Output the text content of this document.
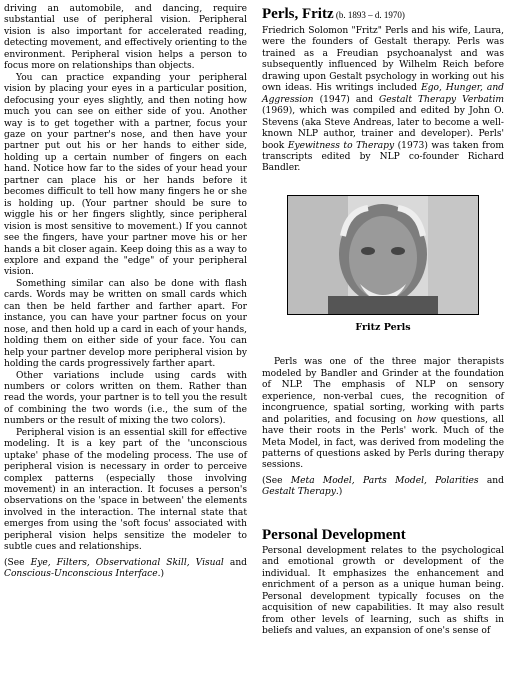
driving an automobile, and dancing, require substantial use of peripheral vision. Peripheral vision is also important for accelerated reading, detecting movement, and effectively orienting to the environment. Peripheral vision helps a person to focus more on relationships than objects.

You can practice expanding your peripheral vision by placing your eyes in a particular position, defocusing your eyes slightly, and then noting how much you can see on either side of you. Another way is to get together with a partner, focus your gaze on your partner's nose, and then have your partner put out his or her hands to either side, holding up a certain number of fingers on each hand. Notice how far to the sides of your head your partner can place his or her hands before it becomes difficult to tell how many fingers he or she is holding up. (Your partner should be sure to wiggle his or her fingers slightly, since peripheral vision is most sensitive to movement.) If you cannot see the fingers, have your partner move his or her hands a bit closer again. Keep doing this as a way to explore and expand the "edge" of your peripheral vision.

Something similar can also be done with flash cards. Words may be written on small cards which can then be held farther and farther apart. For instance, you can have your partner focus on your nose, and then hold up a card in each of your hands, holding them on either side of your face. You can help your partner develop more peripheral vision by holding the cards progressively farther apart.

Other variations include using cards with numbers or colors written on them. Rather than read the words, your partner is to tell you the result of combining the two words (i.e., the sum of the numbers or the result of mixing the two colors).

Peripheral vision is an essential skill for effective modeling. It is a key part of the 'unconscious uptake' phase of the modeling process. The use of peripheral vision is necessary in order to perceive complex patterns (especially those involving movement) in an interaction. It focuses a person's observations on the 'space in between' the elements involved in the interaction. The internal state that emerges from using the 'soft focus' associated with peripheral vision helps sensitize the modeler to subtle cues and relationships.

(See Eye, Filters, Observational Skill, Visual and Conscious-Unconscious Interface.)

Perls, Fritz (b. 1893 – d. 1970)

Friedrich Solomon "Fritz" Perls and his wife, Laura, were the founders of Gestalt therapy. Perls was trained as a Freudian psychoanalyst and was subsequently influenced by Wilhelm Reich before drawing upon Gestalt psychology in working out his own ideas. His writings included Ego, Hunger, and Aggression (1947) and Gestalt Therapy Verbatim (1969), which was compiled and edited by John O. Stevens (aka Steve Andreas, later to become a well-known NLP author, trainer and developer). Perls' book Eyewitness to Therapy (1973) was taken from transcripts edited by NLP co-founder Richard Bandler.

Fritz Perls

Perls was one of the three major therapists modeled by Bandler and Grinder at the foundation of NLP. The emphasis of NLP on sensory experience, non-verbal cues, the recognition of incongruence, spatial sorting, working with parts and polarities, and focusing on how questions, all have their roots in the Perls' work. Much of the Meta Model, in fact, was derived from modeling the patterns of questions asked by Perls during therapy sessions.

(See Meta Model, Parts Model, Polarities and Gestalt Therapy.)

Personal Development

Personal development relates to the psychological and emotional growth or development of the individual. It emphasizes the enhancement and enrichment of a person as a unique human being. Personal development typically focuses on the acquisition of new capabilities. It may also result from other levels of learning, such as shifts in beliefs and values, an expansion of one's sense of
